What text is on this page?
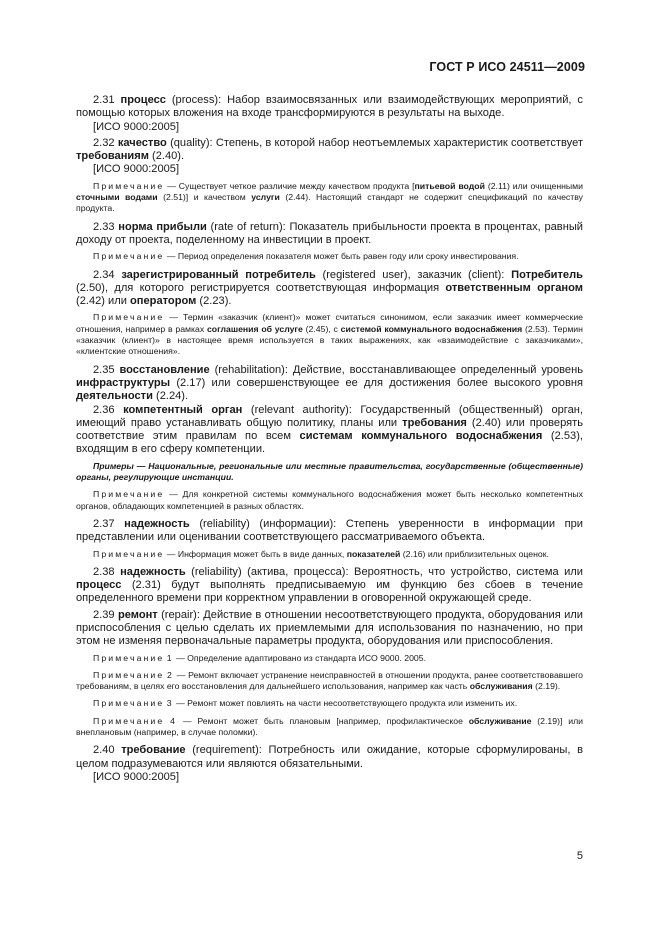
ГОСТ Р ИСО 24511—2009

2.31 процесс (process): Набор взаимосвязанных или взаимодействующих мероприятий, с помощью которых вложения на входе трансформируются в результаты на выходе.

[ИСО 9000:2005]

2.32 качество (quality): Степень, в которой набор неотъемлемых характеристик соответствует требованиям (2.40).

[ИСО 9000:2005]

Примечание — Существует четкое различие между качеством продукта [питьевой водой (2.11) или очищенными сточными водами (2.51)] и качеством услуги (2.44). Настоящий стандарт не содержит спецификаций по качеству продукта.

2.33 норма прибыли (rate of return): Показатель прибыльности проекта в процентах, равный доходу от проекта, поделенному на инвестиции в проект.

Примечание — Период определения показателя может быть равен году или сроку инвестирования.

2.34 зарегистрированный потребитель (registered user), заказчик (client): Потребитель (2.50), для которого регистрируется соответствующая информация ответственным органом (2.42) или оператором (2.23).

Примечание — Термин «заказчик (клиент)» может считаться синонимом, если заказчик имеет коммерческие отношения, например в рамках соглашения об услуге (2.45), с системой коммунального водоснабжения (2.53). Термин «заказчик (клиент)» в настоящее время используется в таких выражениях, как «взаимодействие с заказчиками», «клиентские отношения».

2.35 восстановление (rehabilitation): Действие, восстанавливающее определенный уровень инфраструктуры (2.17) или совершенствующее ее для достижения более высокого уровня деятельности (2.24).

2.36 компетентный орган (relevant authority): Государственный (общественный) орган, имеющий право устанавливать общую политику, планы или требования (2.40) или проверять соответствие этим правилам по всем системам коммунального водоснабжения (2.53), входящим в его сферу компетенции.

Примеры — Национальные, региональные или местные правительства, государственные (общественные) органы, регулирующие инстанции.

Примечание — Для конкретной системы коммунального водоснабжения может быть несколько компетентных органов, обладающих компетенцией в разных областях.

2.37 надежность (reliability) (информации): Степень уверенности в информации при представлении или оценивании соответствующего рассматриваемого объекта.

Примечание — Информация может быть в виде данных, показателей (2.16) или приблизительных оценок.

2.38 надежность (reliability) (актива, процесса): Вероятность, что устройство, система или процесс (2.31) будут выполнять предписываемую им функцию без сбоев в течение определенного времени при корректном управлении в оговоренной окружающей среде.

2.39 ремонт (repair): Действие в отношении несоответствующего продукта, оборудования или приспособления с целью сделать их приемлемыми для использования по назначению, но при этом не изменяя первоначальные параметры продукта, оборудования или приспособления.

Примечание 1 — Определение адаптировано из стандарта ИСО 9000. 2005.

Примечание 2 — Ремонт включает устранение неисправностей в отношении продукта, ранее соответствовавшего требованиям, в целях его восстановления для дальнейшего использования, например как часть обслуживания (2.19).

Примечание 3 — Ремонт может повлиять на части несоответствующего продукта или изменить их.

Примечание 4 — Ремонт может быть плановым [например, профилактическое обслуживание (2.19)] или внеплановым (например, в случае поломки).

2.40 требование (requirement): Потребность или ожидание, которые сформулированы, в целом подразумеваются или являются обязательными.

[ИСО 9000:2005]

5
